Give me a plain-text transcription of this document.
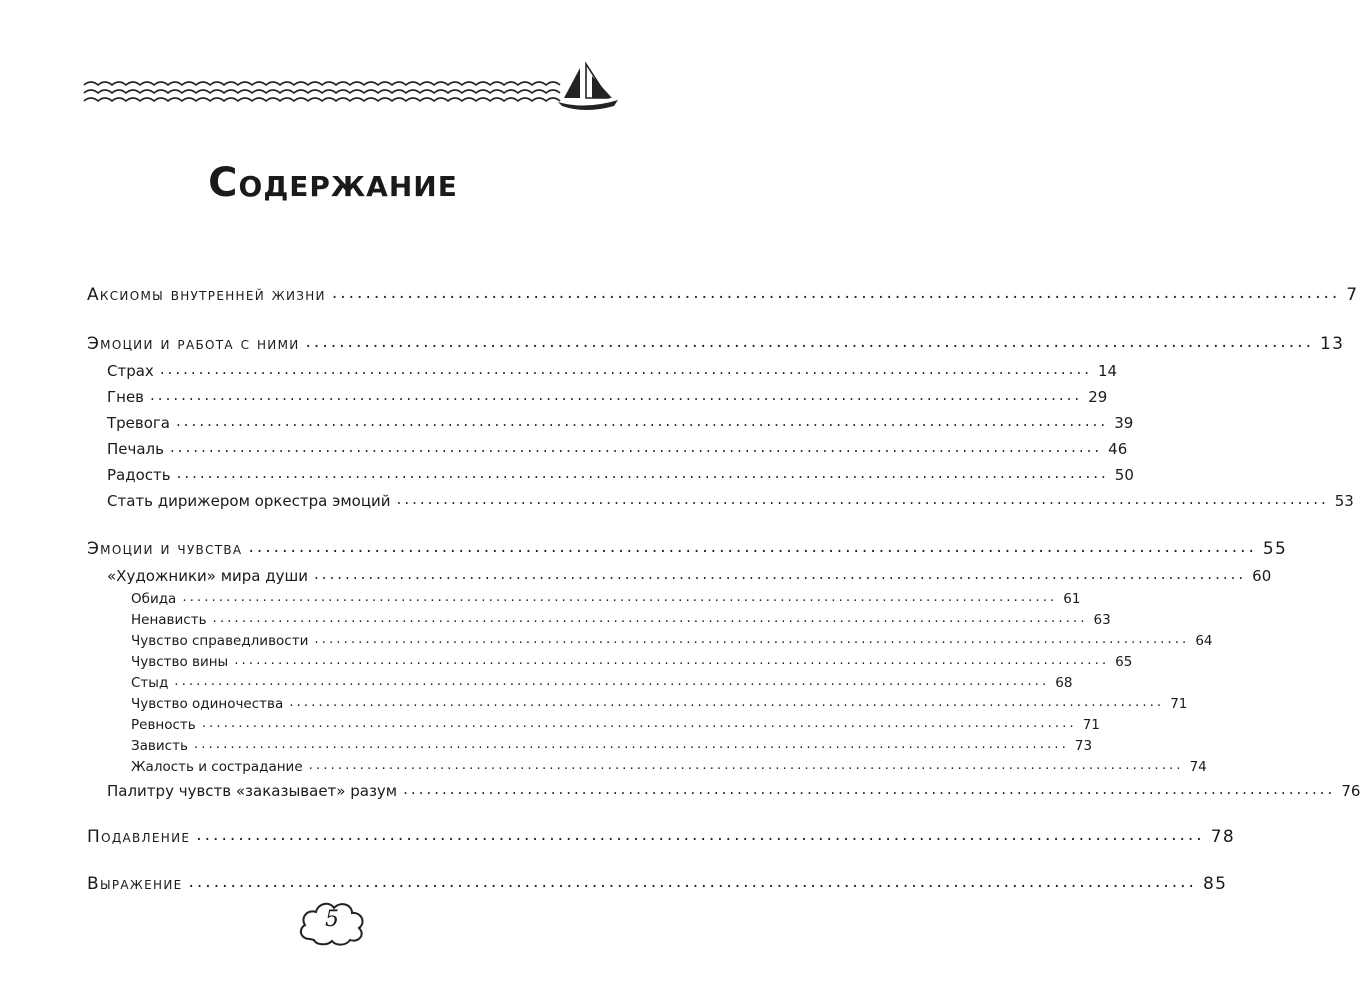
Содержание
Аксиомы внутренней жизни ........................................................................................................................ 7
Эмоции и работа с ними ........................................................................................................................ 13
Страх ........................................................................................................................ 14
Гнев ........................................................................................................................ 29
Тревога ........................................................................................................................ 39
Печаль ........................................................................................................................ 46
Радость ........................................................................................................................ 50
Стать дирижером оркестра эмоций ........................................................................................................................ 53
Эмоции и чувства ........................................................................................................................ 55
«Художники» мира души ........................................................................................................................ 60
Обида ........................................................................................................................ 61
Ненависть ........................................................................................................................ 63
Чувство справедливости ........................................................................................................................ 64
Чувство вины ........................................................................................................................ 65
Стыд ........................................................................................................................ 68
Чувство одиночества ........................................................................................................................ 71
Ревность ........................................................................................................................ 71
Зависть ........................................................................................................................ 73
Жалость и сострадание ........................................................................................................................ 74
Палитру чувств «заказывает» разум ........................................................................................................................ 76
Подавление ........................................................................................................................ 78
Выражение ........................................................................................................................ 85
5
